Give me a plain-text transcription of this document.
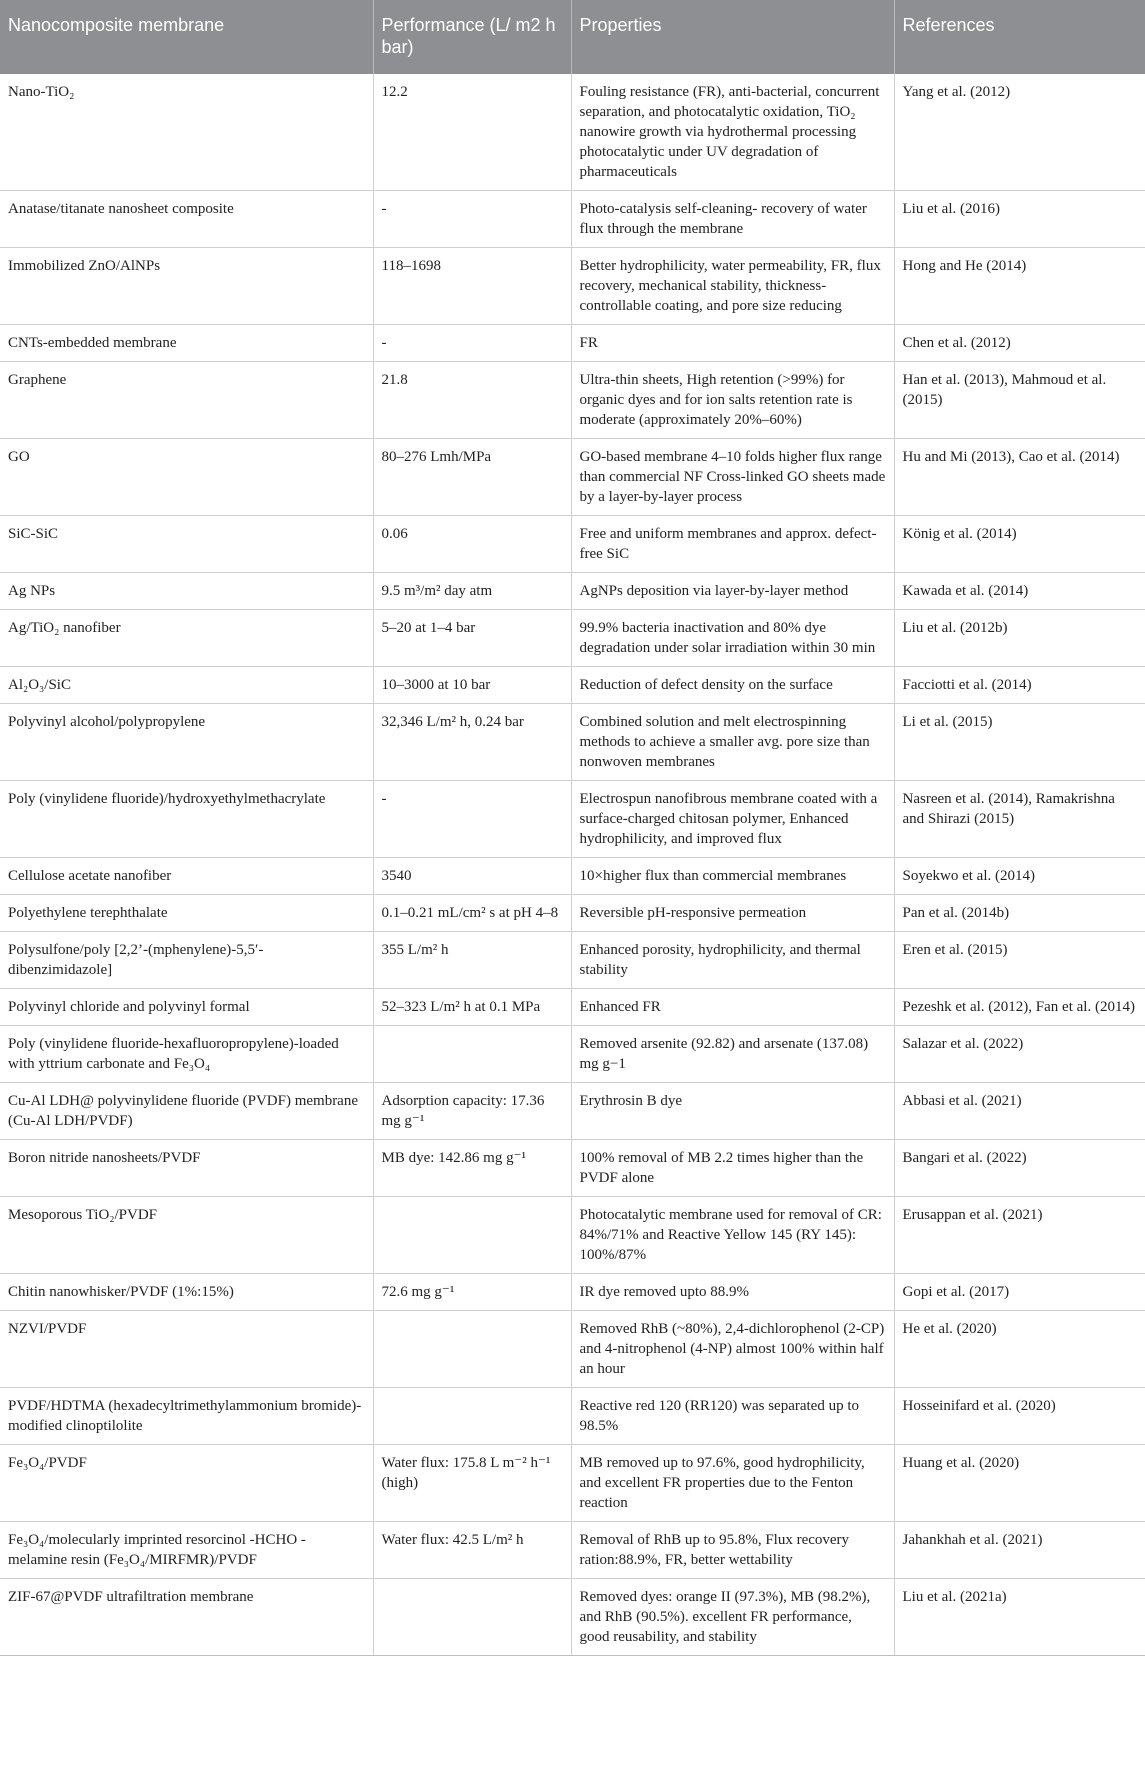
Nanocomposite membrane	Performance (L/ m2 h bar)	Properties	References
Nano-TiO₂	12.2	Fouling resistance (FR), anti-bacterial, concurrent separation, and photocatalytic oxidation, TiO₂ nanowire growth via hydrothermal processing photocatalytic under UV degradation of pharmaceuticals	Yang et al. (2012)
Anatase/titanate nanosheet composite	-	Photo-catalysis self-cleaning- recovery of water flux through the membrane	Liu et al. (2016)
Immobilized ZnO/AlNPs	118–1698	Better hydrophilicity, water permeability, FR, flux recovery, mechanical stability, thickness-controllable coating, and pore size reducing	Hong and He (2014)
CNTs-embedded membrane	-	FR	Chen et al. (2012)
Graphene	21.8	Ultra-thin sheets, High retention (>99%) for organic dyes and for ion salts retention rate is moderate (approximately 20%–60%)	Han et al. (2013), Mahmoud et al. (2015)
GO	80–276 Lmh/MPa	GO-based membrane 4–10 folds higher flux range than commercial NF Cross-linked GO sheets made by a layer-by-layer process	Hu and Mi (2013), Cao et al. (2014)
SiC-SiC	0.06	Free and uniform membranes and approx. defect-free SiC	König et al. (2014)
Ag NPs	9.5 m³/m² day atm	AgNPs deposition via layer-by-layer method	Kawada et al. (2014)
Ag/TiO₂ nanofiber	5–20 at 1–4 bar	99.9% bacteria inactivation and 80% dye degradation under solar irradiation within 30 min	Liu et al. (2012b)
Al₂O₃/SiC	10–3000 at 10 bar	Reduction of defect density on the surface	Facciotti et al. (2014)
Polyvinyl alcohol/polypropylene	32,346 L/m² h, 0.24 bar	Combined solution and melt electrospinning methods to achieve a smaller avg. pore size than nonwoven membranes	Li et al. (2015)
Poly (vinylidene fluoride)/hydroxyethylmethacrylate	-	Electrospun nanofibrous membrane coated with a surface-charged chitosan polymer, Enhanced hydrophilicity, and improved flux	Nasreen et al. (2014), Ramakrishna and Shirazi (2015)
Cellulose acetate nanofiber	3540	10×higher flux than commercial membranes	Soyekwo et al. (2014)
Polyethylene terephthalate	0.1–0.21 mL/cm² s at pH 4–8	Reversible pH-responsive permeation	Pan et al. (2014b)
Polysulfone/poly [2,2’-(mphenylene)-5,5′-dibenzimidazole]	355 L/m² h	Enhanced porosity, hydrophilicity, and thermal stability	Eren et al. (2015)
Polyvinyl chloride and polyvinyl formal	52–323 L/m² h at 0.1 MPa	Enhanced FR	Pezeshk et al. (2012), Fan et al. (2014)
Poly (vinylidene fluoride-hexafluoropropylene)-loaded with yttrium carbonate and Fe₃O₄		Removed arsenite (92.82) and arsenate (137.08) mg g−1	Salazar et al. (2022)
Cu-Al LDH@ polyvinylidene fluoride (PVDF) membrane (Cu-Al LDH/PVDF)	Adsorption capacity: 17.36 mg g⁻¹	Erythrosin B dye	Abbasi et al. (2021)
Boron nitride nanosheets/PVDF	MB dye: 142.86 mg g⁻¹	100% removal of MB 2.2 times higher than the PVDF alone	Bangari et al. (2022)
Mesoporous TiO₂/PVDF		Photocatalytic membrane used for removal of CR: 84%/71% and Reactive Yellow 145 (RY 145): 100%/87%	Erusappan et al. (2021)
Chitin nanowhisker/PVDF (1%:15%)	72.6 mg g⁻¹	IR dye removed upto 88.9%	Gopi et al. (2017)
NZVI/PVDF		Removed RhB (~80%), 2,4-dichlorophenol (2-CP) and 4-nitrophenol (4-NP) almost 100% within half an hour	He et al. (2020)
PVDF/HDTMA (hexadecyltrimethylammonium bromide)-modified clinoptilolite		Reactive red 120 (RR120) was separated up to 98.5%	Hosseinifard et al. (2020)
Fe₃O₄/PVDF	Water flux: 175.8 L m⁻² h⁻¹ (high)	MB removed up to 97.6%, good hydrophilicity, and excellent FR properties due to the Fenton reaction	Huang et al. (2020)
Fe₃O₄/molecularly imprinted resorcinol -HCHO -melamine resin (Fe₃O₄/MIRFMR)/PVDF	Water flux: 42.5 L/m² h	Removal of RhB up to 95.8%, Flux recovery ration:88.9%, FR, better wettability	Jahankhah et al. (2021)
ZIF-67@PVDF ultrafiltration membrane		Removed dyes: orange II (97.3%), MB (98.2%), and RhB (90.5%). excellent FR performance, good reusability, and stability	Liu et al. (2021a)
